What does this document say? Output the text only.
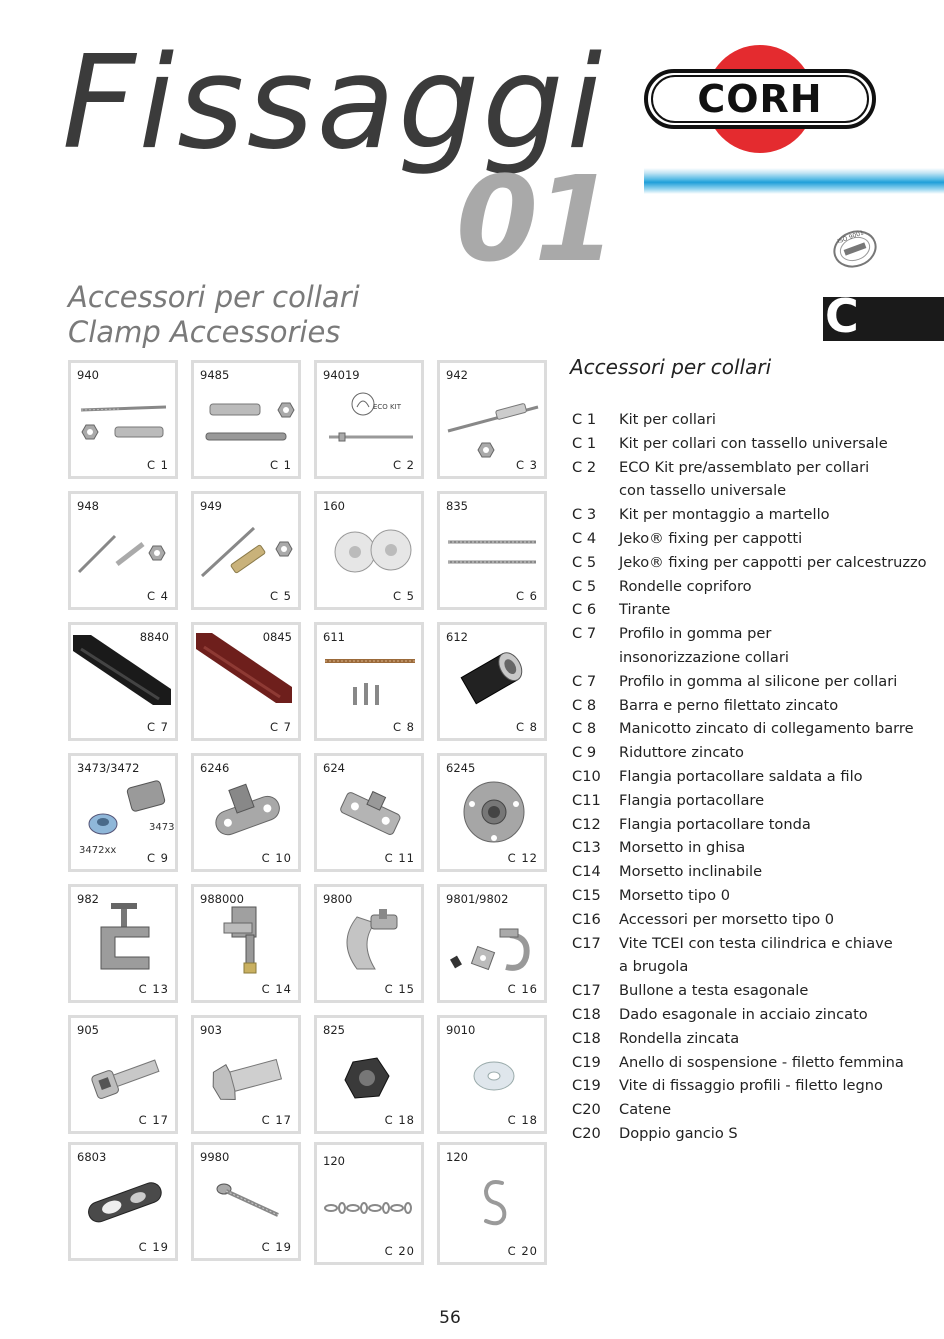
Fissaggi
01
CORH
ISO 9001
Accessori per collari
Clamp Accessories	C
940
C 1
9485
C 1
ECO KIT
94019
C 2
942
C 3
948
C 4
949
C 5
160
C 5
835
C 6
8840
C 7
0845
C 7
611
C 8
612
C 8
3473/3472
3473
3472xx
C 9
6246
C 10
624
C 11
6245
C 12
982
C 13
988000
C 14
9800
C 15
9801/9802
C 16
905
C 17
903
C 17
825
C 18
9010
C 18
6803
C 19
9980
C 19
120
C 20
120
C 20
Accessori per collari
C 1	Kit per collari
C 1	Kit per collari con tassello universale
C 2	ECO Kit pre/assemblato per collari
con tassello universale
C 3	Kit per montaggio a martello
C 4	Jeko® fixing per cappotti
C 5	Jeko® fixing per cappotti per calcestruzzo
C 5	Rondelle copriforo
C 6	Tirante
C 7	Profilo in gomma per
insonorizzazione collari
C 7	Profilo in gomma al silicone per collari
C 8	Barra e perno filettato zincato
C 8	Manicotto zincato di collegamento barre
C 9	Riduttore zincato
C10	Flangia portacollare saldata a filo
C11	Flangia portacollare
C12	Flangia portacollare tonda
C13	Morsetto in ghisa
C14	Morsetto inclinabile
C15	Morsetto tipo 0
C16	Accessori per morsetto tipo 0
C17	Vite TCEI con testa cilindrica e chiave
a brugola
C17	Bullone a testa esagonale
C18	Dado esagonale in acciaio zincato
C18	Rondella zincata
C19	Anello di sospensione - filetto femmina
C19	Vite di fissaggio profili - filetto legno
C20	Catene
C20	Doppio gancio S
56
